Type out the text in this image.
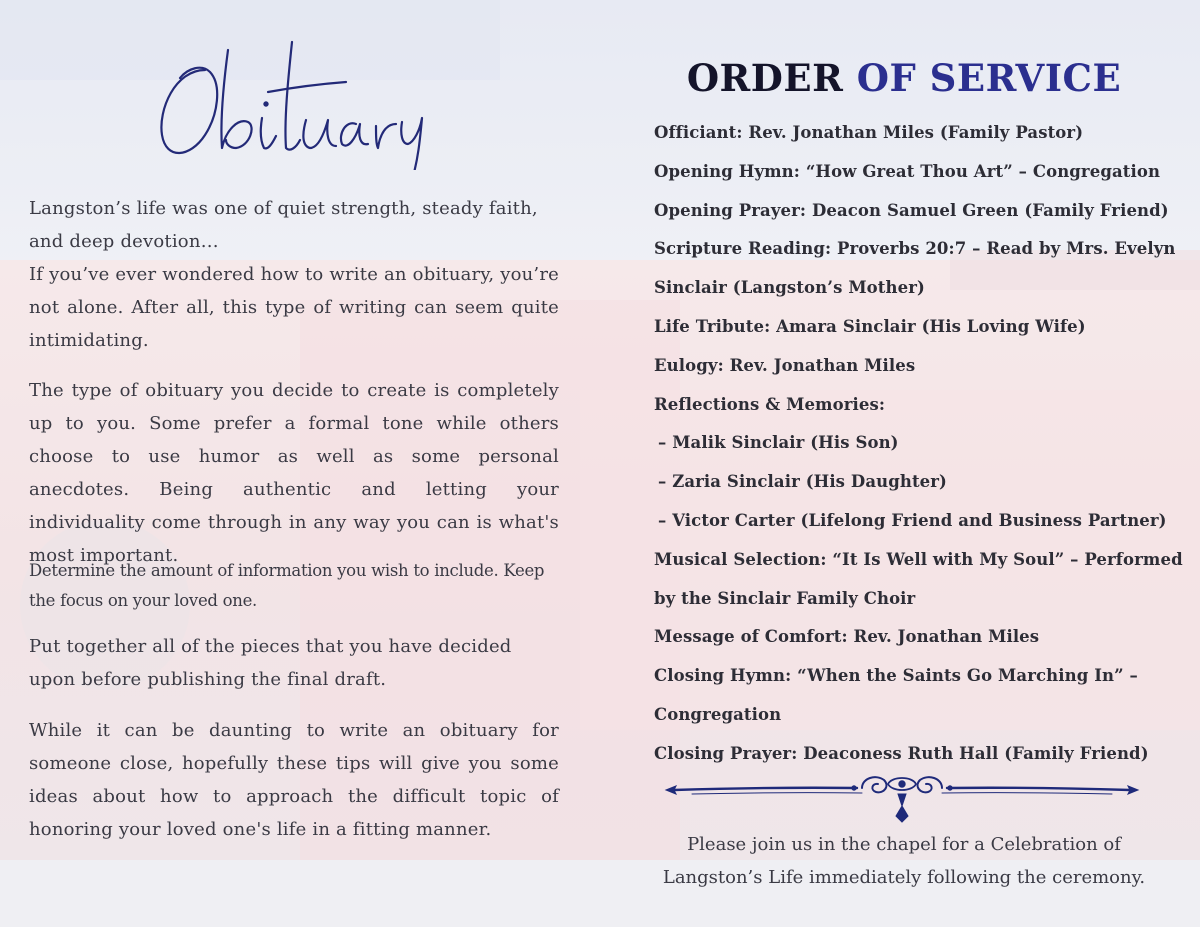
Langston’s life was one of quiet strength, steady faith, and deep devotion…

If you’ve ever wondered how to write an obituary, you’re not alone. After all, this type of writing can seem quite intimidating.

The type of obituary you decide to create is completely up to you. Some prefer a formal tone while others choose to use humor as well as some personal anecdotes. Being authentic and letting your individuality come through in any way you can is what's most important.

Determine the amount of information you wish to include. Keep the focus on your loved one.

Put together all of the pieces that you have decided upon before publishing the final draft.

While it can be daunting to write an obituary for someone close, hopefully these tips will give you some ideas about how to approach the difficult topic of honoring your loved one's life in a fitting manner.

ORDER OF SERVICE
Officiant: Rev. Jonathan Miles (Family Pastor)
Opening Hymn: “How Great Thou Art” – Congregation
Opening Prayer: Deacon Samuel Green (Family Friend)
Scripture Reading: Proverbs 20:7 – Read by Mrs. Evelyn
Sinclair (Langston’s Mother)
Life Tribute: Amara Sinclair (His Loving Wife)
Eulogy: Rev. Jonathan Miles
Reflections & Memories:
– Malik Sinclair (His Son)
– Zaria Sinclair (His Daughter)
– Victor Carter (Lifelong Friend and Business Partner)
Musical Selection: “It Is Well with My Soul” – Performed
by the Sinclair Family Choir
Message of Comfort: Rev. Jonathan Miles
Closing Hymn: “When the Saints Go Marching In” –
Congregation
Closing Prayer: Deaconess Ruth Hall (Family Friend)

Please join us in the chapel for a Celebration of
Langston’s Life immediately following the ceremony.
